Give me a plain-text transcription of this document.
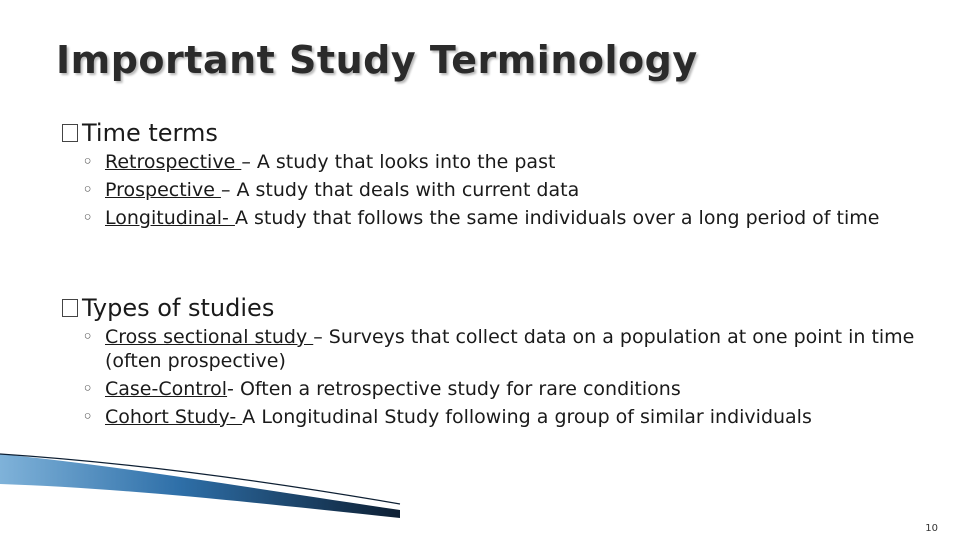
Important Study Terminology
Time terms
◦ Retrospective – A study that looks into the past
◦ Prospective – A study that deals with current data
◦ Longitudinal- A study that follows the same individuals over a long period of time
Types of studies
◦ Cross sectional study – Surveys that collect data on a population at one point in time (often prospective)
◦ Case-Control- Often a retrospective study for rare conditions
◦ Cohort Study- A Longitudinal Study following a group of similar individuals
10
